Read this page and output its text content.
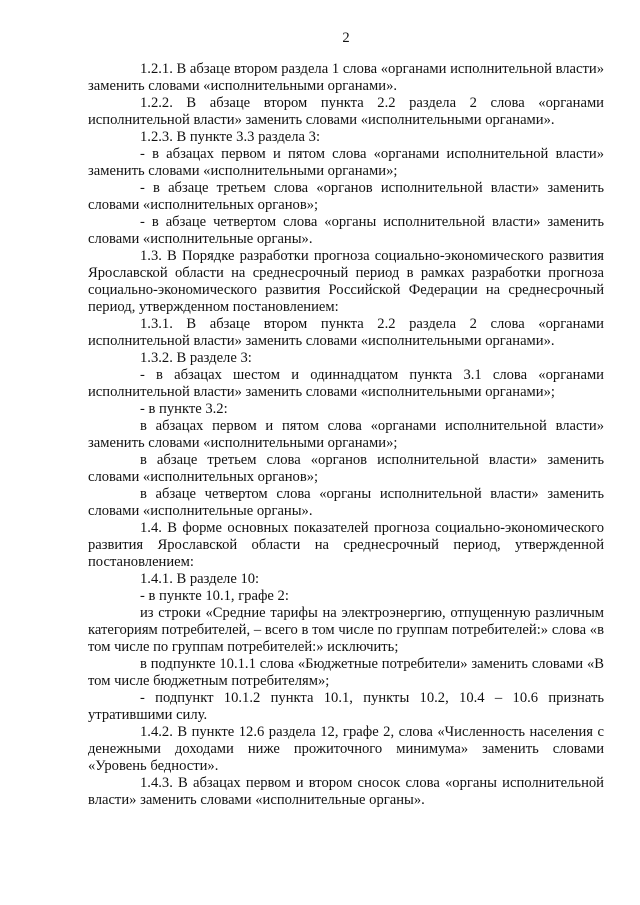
2

1.2.1. В абзаце втором раздела 1 слова «органами исполнительной власти» заменить словами «исполнительными органами».

1.2.2. В абзаце втором пункта 2.2 раздела 2 слова «органами исполнительной власти» заменить словами «исполнительными органами».

1.2.3. В пункте 3.3 раздела 3:

- в абзацах первом и пятом слова «органами исполнительной власти» заменить словами «исполнительными органами»;

- в абзаце третьем слова «органов исполнительной власти» заменить словами «исполнительных органов»;

- в абзаце четвертом слова «органы исполнительной власти» заменить словами «исполнительные органы».

1.3. В Порядке разработки прогноза социально-экономического развития Ярославской области на среднесрочный период в рамках разработки прогноза социально-экономического развития Российской Федерации на среднесрочный период, утвержденном постановлением:

1.3.1. В абзаце втором пункта 2.2 раздела 2 слова «органами исполнительной власти» заменить словами «исполнительными органами».

1.3.2. В разделе 3:

- в абзацах шестом и одиннадцатом пункта 3.1 слова «органами исполнительной власти» заменить словами «исполнительными органами»;

- в пункте 3.2:

в абзацах первом и пятом слова «органами исполнительной власти» заменить словами «исполнительными органами»;

в абзаце третьем слова «органов исполнительной власти» заменить словами «исполнительных органов»;

в абзаце четвертом слова «органы исполнительной власти» заменить словами «исполнительные органы».

1.4. В форме основных показателей прогноза социально-экономического развития Ярославской области на среднесрочный период, утвержденной постановлением:

1.4.1. В разделе 10:

- в пункте 10.1, графе 2:

из строки «Средние тарифы на электроэнергию, отпущенную различным категориям потребителей, – всего в том числе по группам потребителей:» слова «в том числе по группам потребителей:» исключить;

в подпункте 10.1.1 слова «Бюджетные потребители» заменить словами «В том числе бюджетным потребителям»;

- подпункт 10.1.2 пункта 10.1, пункты 10.2, 10.4 – 10.6 признать утратившими силу.

1.4.2. В пункте 12.6 раздела 12, графе 2, слова «Численность населения с денежными доходами ниже прожиточного минимума» заменить словами «Уровень бедности».

1.4.3. В абзацах первом и втором сносок слова «органы исполнительной власти» заменить словами «исполнительные органы».
